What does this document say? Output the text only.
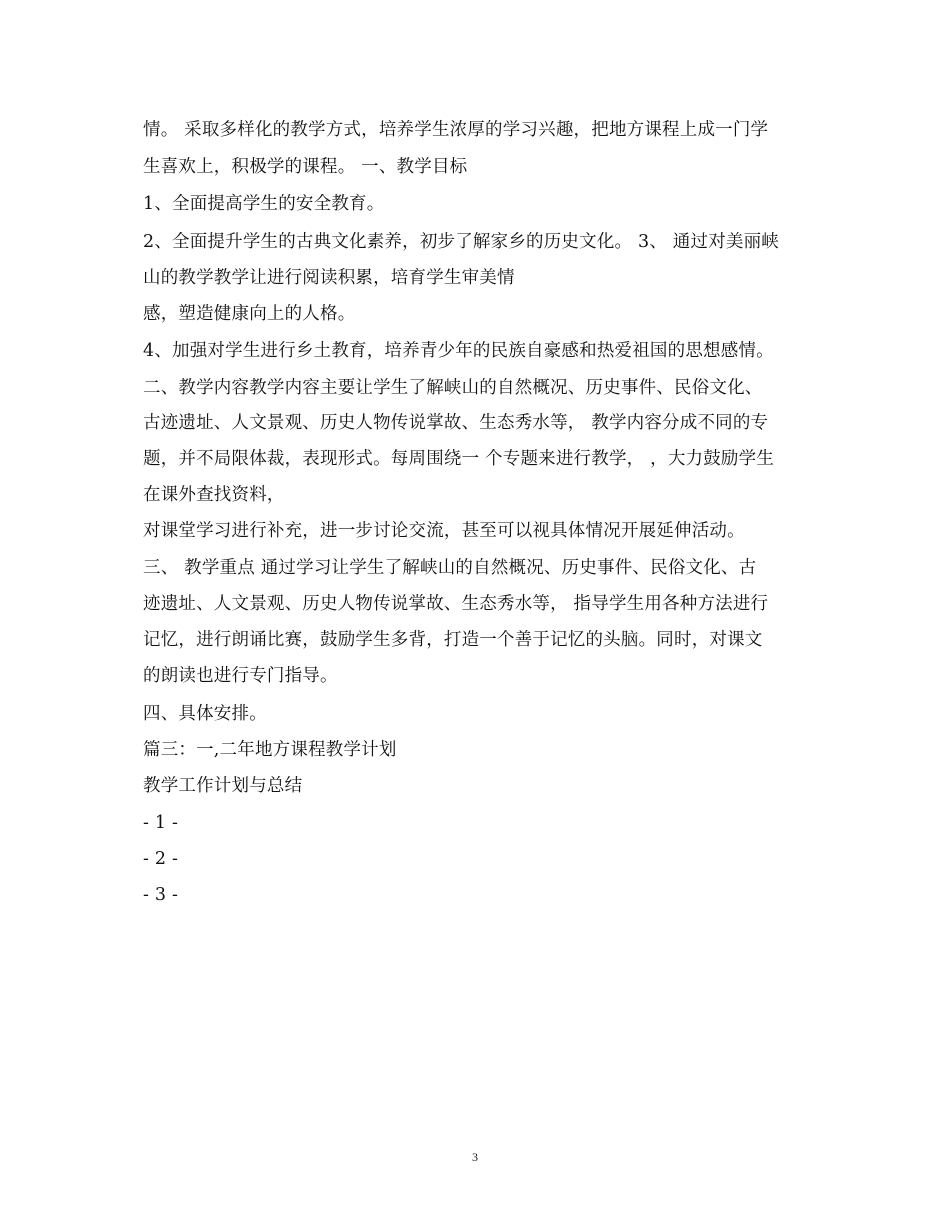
情。 采取多样化的教学方式，培养学生浓厚的学习兴趣，把地方课程上成一门学
生喜欢上，积极学的课程。 一、教学目标
1、全面提高学生的安全教育。
2、全面提升学生的古典文化素养，初步了解家乡的历史文化。 3、 通过对美丽峡
山的教学教学让进行阅读积累，培育学生审美情
感，塑造健康向上的人格。
4、加强对学生进行乡土教育，培养青少年的民族自豪感和热爱祖国的思想感情。
二、教学内容教学内容主要让学生了解峡山的自然概况、历史事件、民俗文化、
古迹遗址、人文景观、历史人物传说掌故、生态秀水等， 教学内容分成不同的专
题，并不局限体裁，表现形式。每周围绕一 个专题来进行教学， ，大力鼓励学生
在课外查找资料，
对课堂学习进行补充，进一步讨论交流，甚至可以视具体情况开展延伸活动。
三、 教学重点 通过学习让学生了解峡山的自然概况、历史事件、民俗文化、古
迹遗址、人文景观、历史人物传说掌故、生态秀水等， 指导学生用各种方法进行
记忆，进行朗诵比赛，鼓励学生多背，打造一个善于记忆的头脑。同时，对课文
的朗读也进行专门指导。
四、具体安排。
篇三：一,二年地方课程教学计划
教学工作计划与总结
- 1 -
- 2 -
- 3 -
3
